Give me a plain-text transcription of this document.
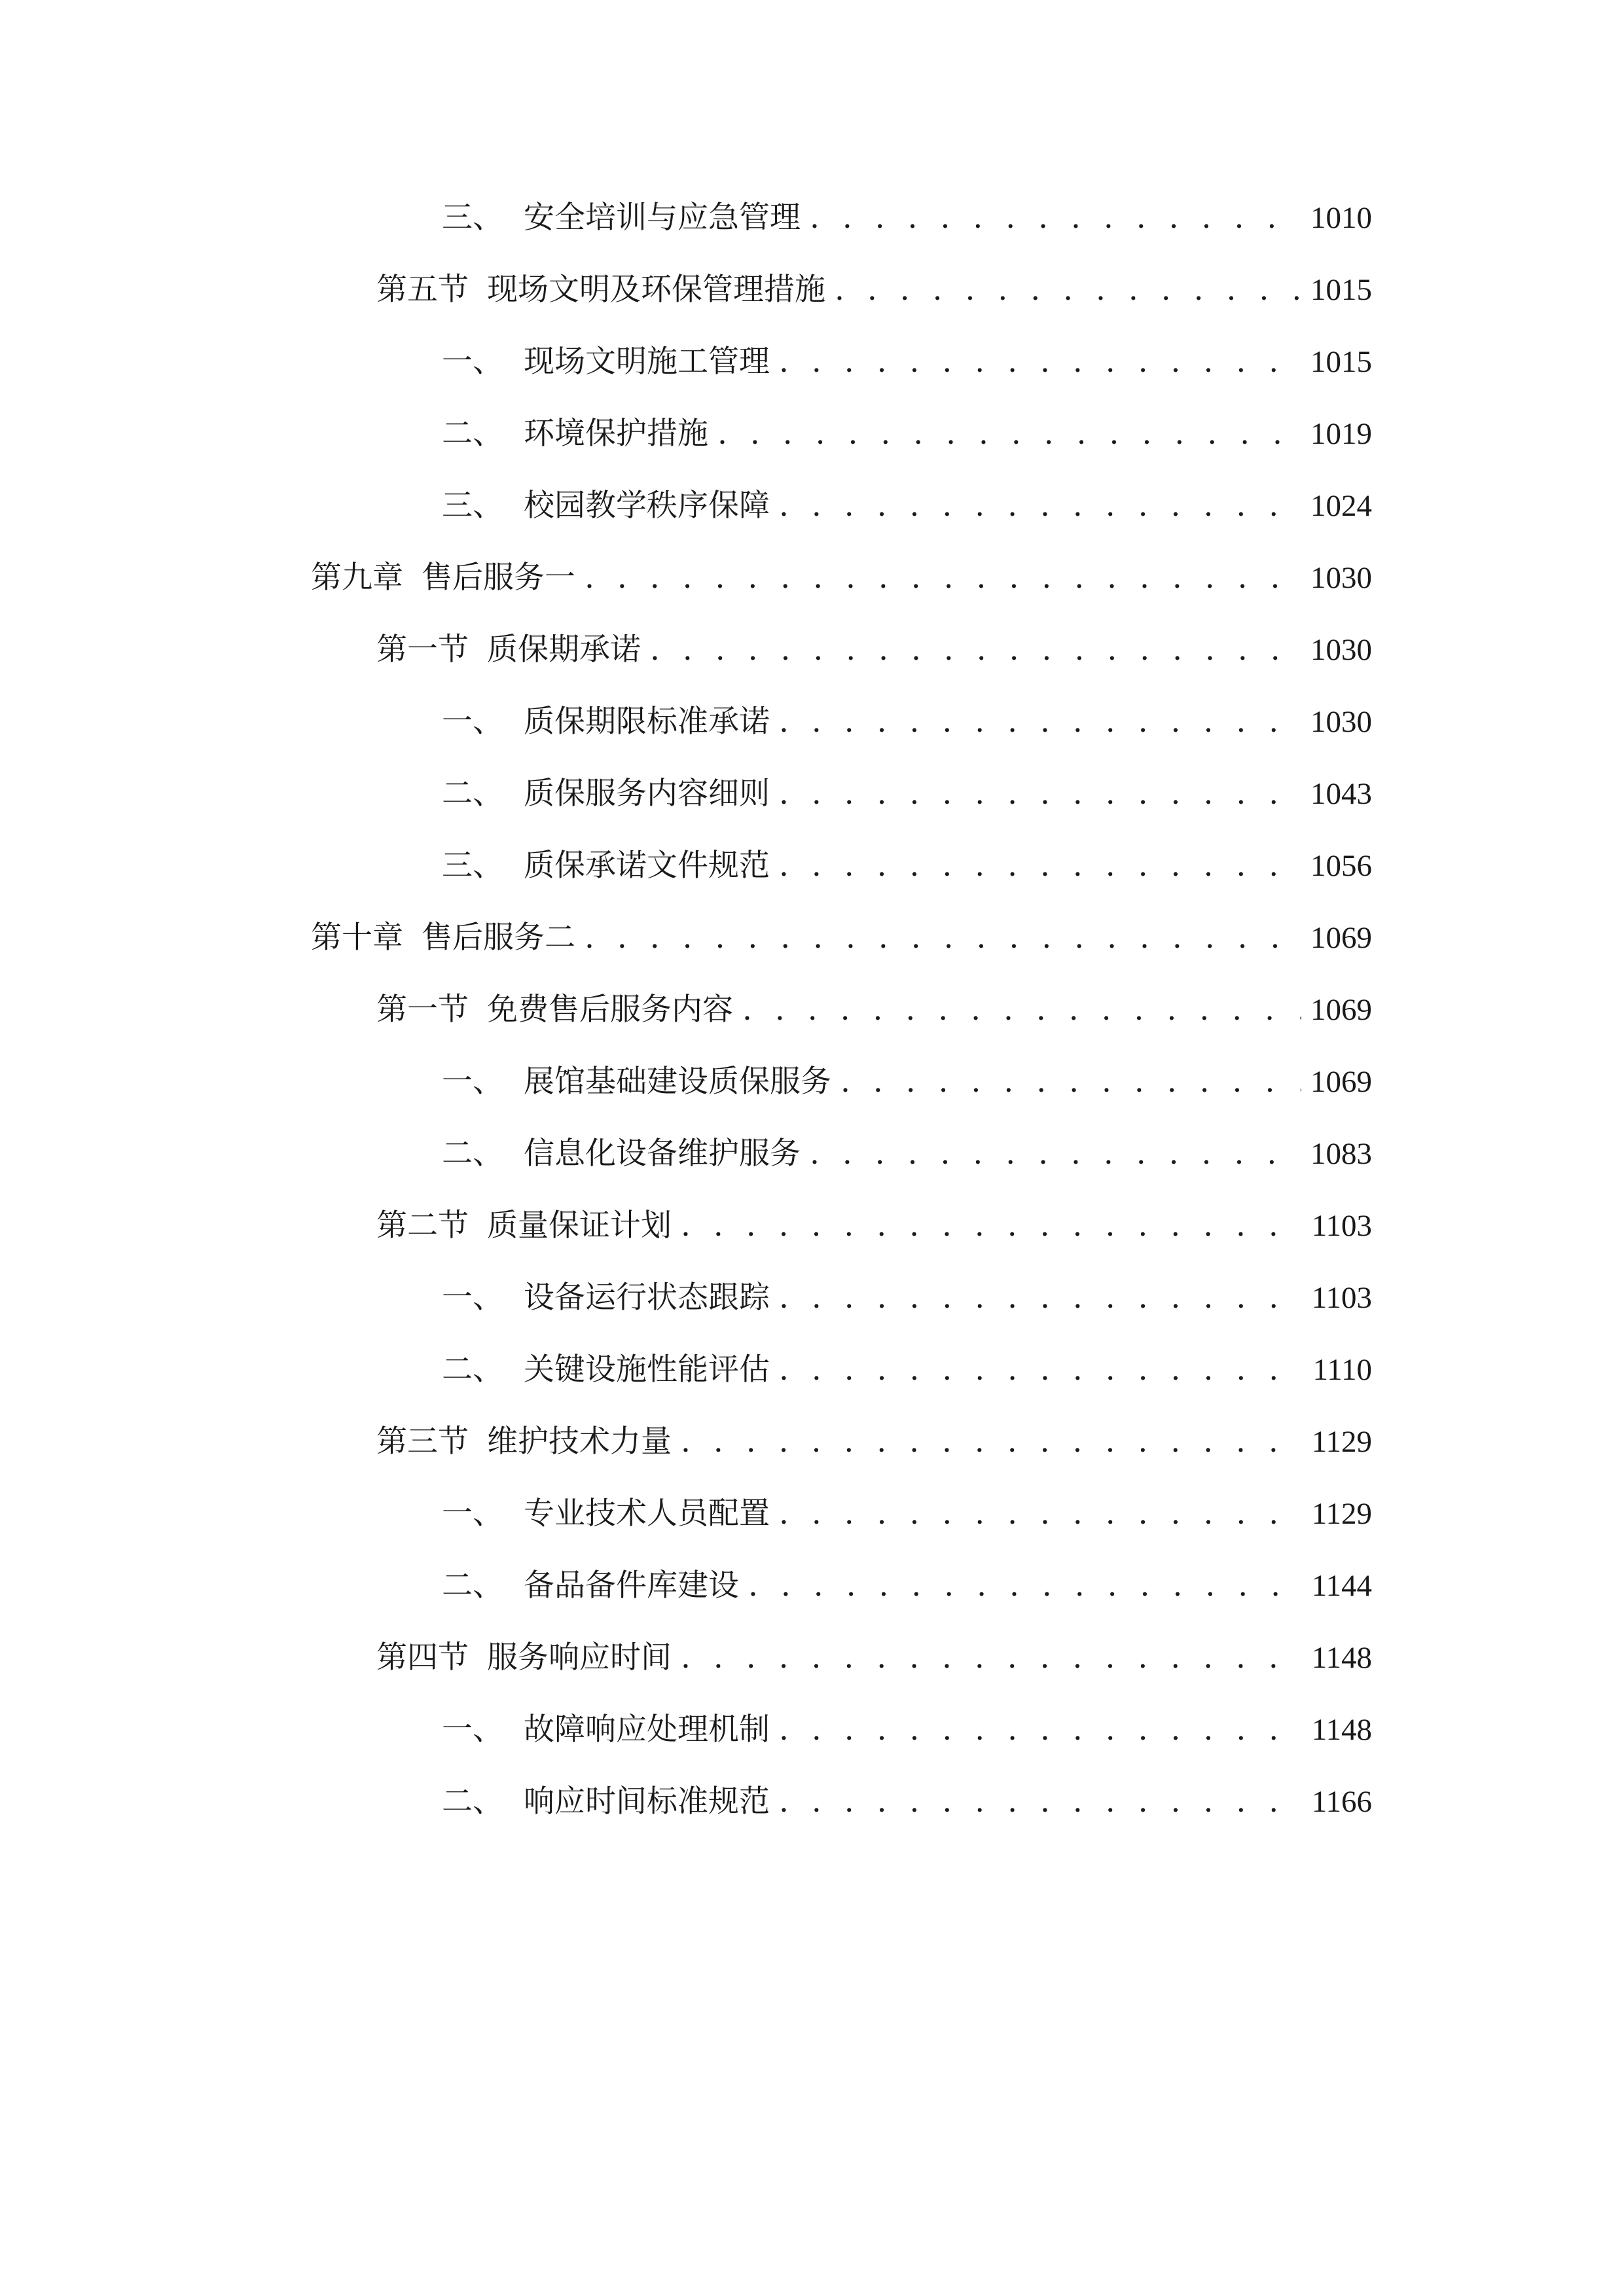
三、 安全培训与应急管理 . . .	1010
第五节 现场文明及环保管理措施 . . .	1015
一、 现场文明施工管理 . . .	1015
二、 环境保护措施 . . .	1019
三、 校园教学秩序保障 . . .	1024
第九章 售后服务一 . . .	1030
第一节 质保期承诺 . . .	1030
一、 质保期限标准承诺 . . .	1030
二、 质保服务内容细则 . . .	1043
三、 质保承诺文件规范 . . .	1056
第十章 售后服务二 . . .	1069
第一节 免费售后服务内容 . . .	1069
一、 展馆基础建设质保服务 . . .	1069
二、 信息化设备维护服务 . . .	1083
第二节 质量保证计划 . . .	1103
一、 设备运行状态跟踪 . . .	1103
二、 关键设施性能评估 . . .	1110
第三节 维护技术力量 . . .	1129
一、 专业技术人员配置 . . .	1129
二、 备品备件库建设 . . .	1144
第四节 服务响应时间 . . .	1148
一、 故障响应处理机制 . . .	1148
二、 响应时间标准规范 . . .	1166
